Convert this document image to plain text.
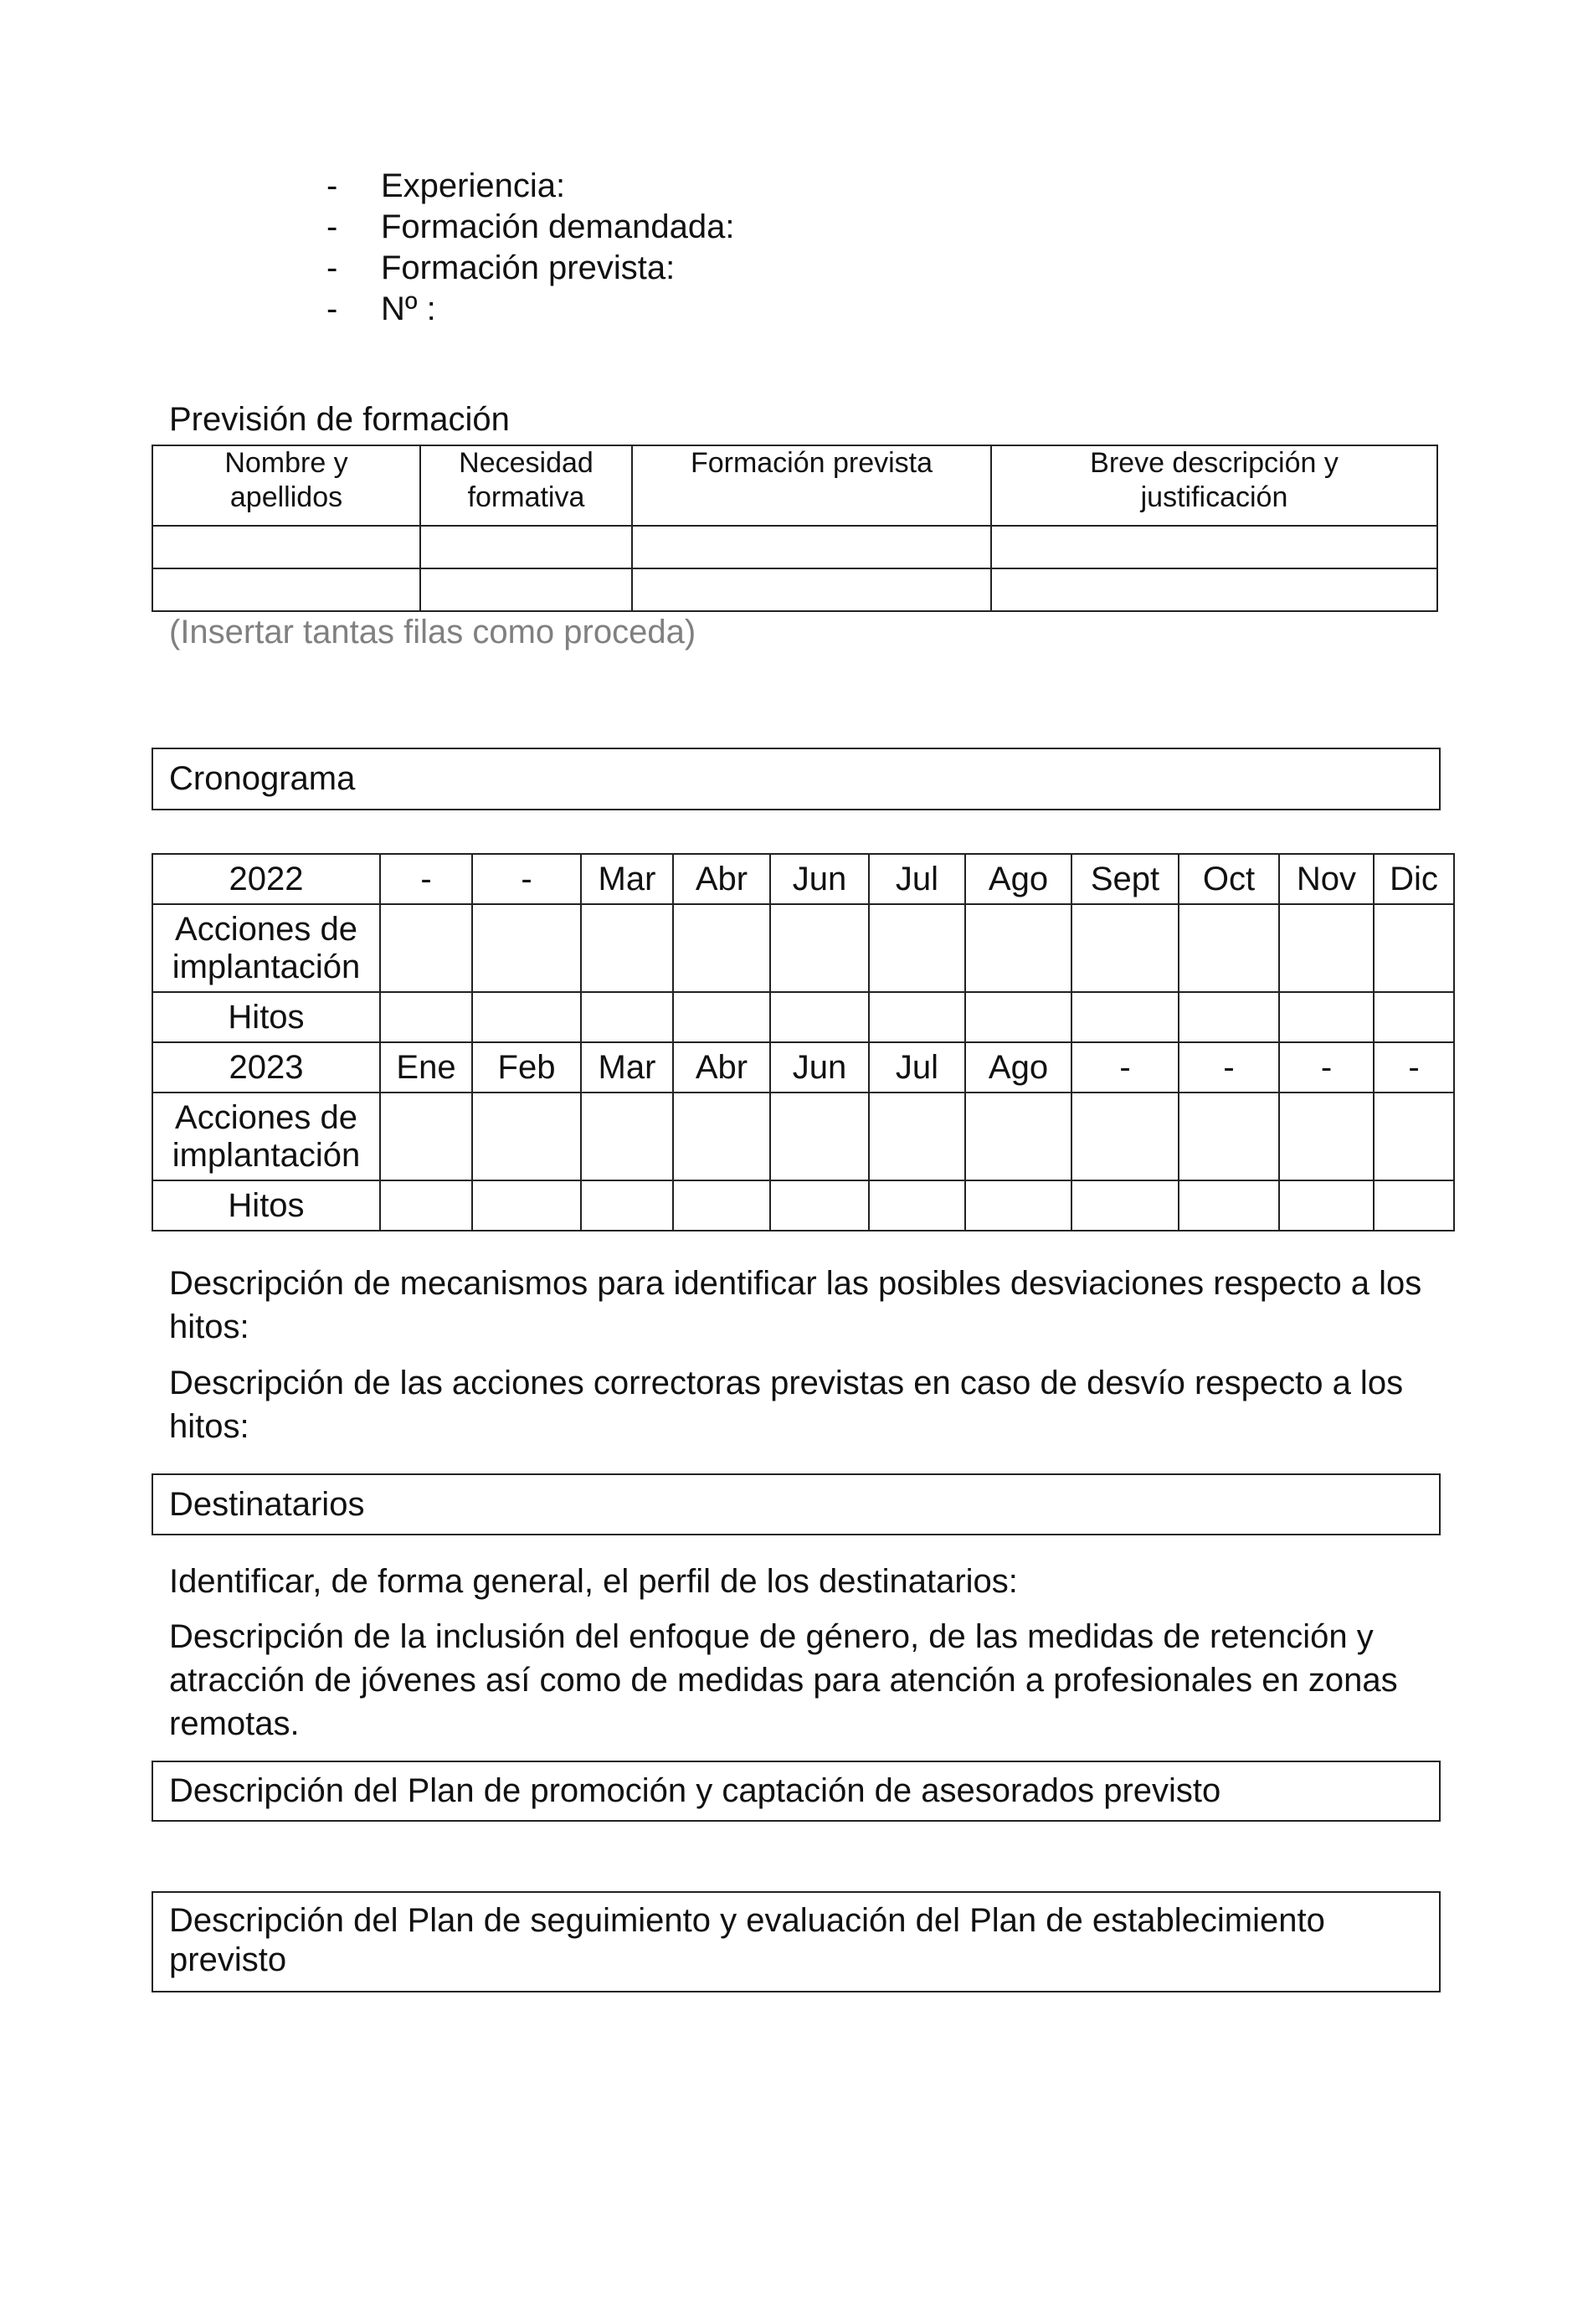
-	Experiencia:
-	Formación demandada:
-	Formación prevista:
-	Nº :
Previsión de formación
Nombre y apellidos	Necesidad formativa	Formación prevista	Breve descripción y justificación

(Insertar tantas filas como proceda)
Cronograma
2022	-	-	Mar	Abr	Jun	Jul	Ago	Sept	Oct	Nov	Dic
Acciones de implantación											
Hitos											
2023	Ene	Feb	Mar	Abr	Jun	Jul	Ago	-	-	-	-
Acciones de implantación											
Hitos											

Descripción de mecanismos para identificar las posibles desviaciones respecto a los hitos:

Descripción de las acciones correctoras previstas en caso de desvío respecto a los hitos:

Destinatarios

Identificar, de forma general, el perfil de los destinatarios:

Descripción de la inclusión del enfoque de género, de las medidas de retención y atracción de jóvenes así como de medidas para atención a profesionales en zonas remotas.

Descripción del Plan de promoción y captación de asesorados previsto
Descripción del Plan de seguimiento y evaluación del Plan de establecimiento previsto
